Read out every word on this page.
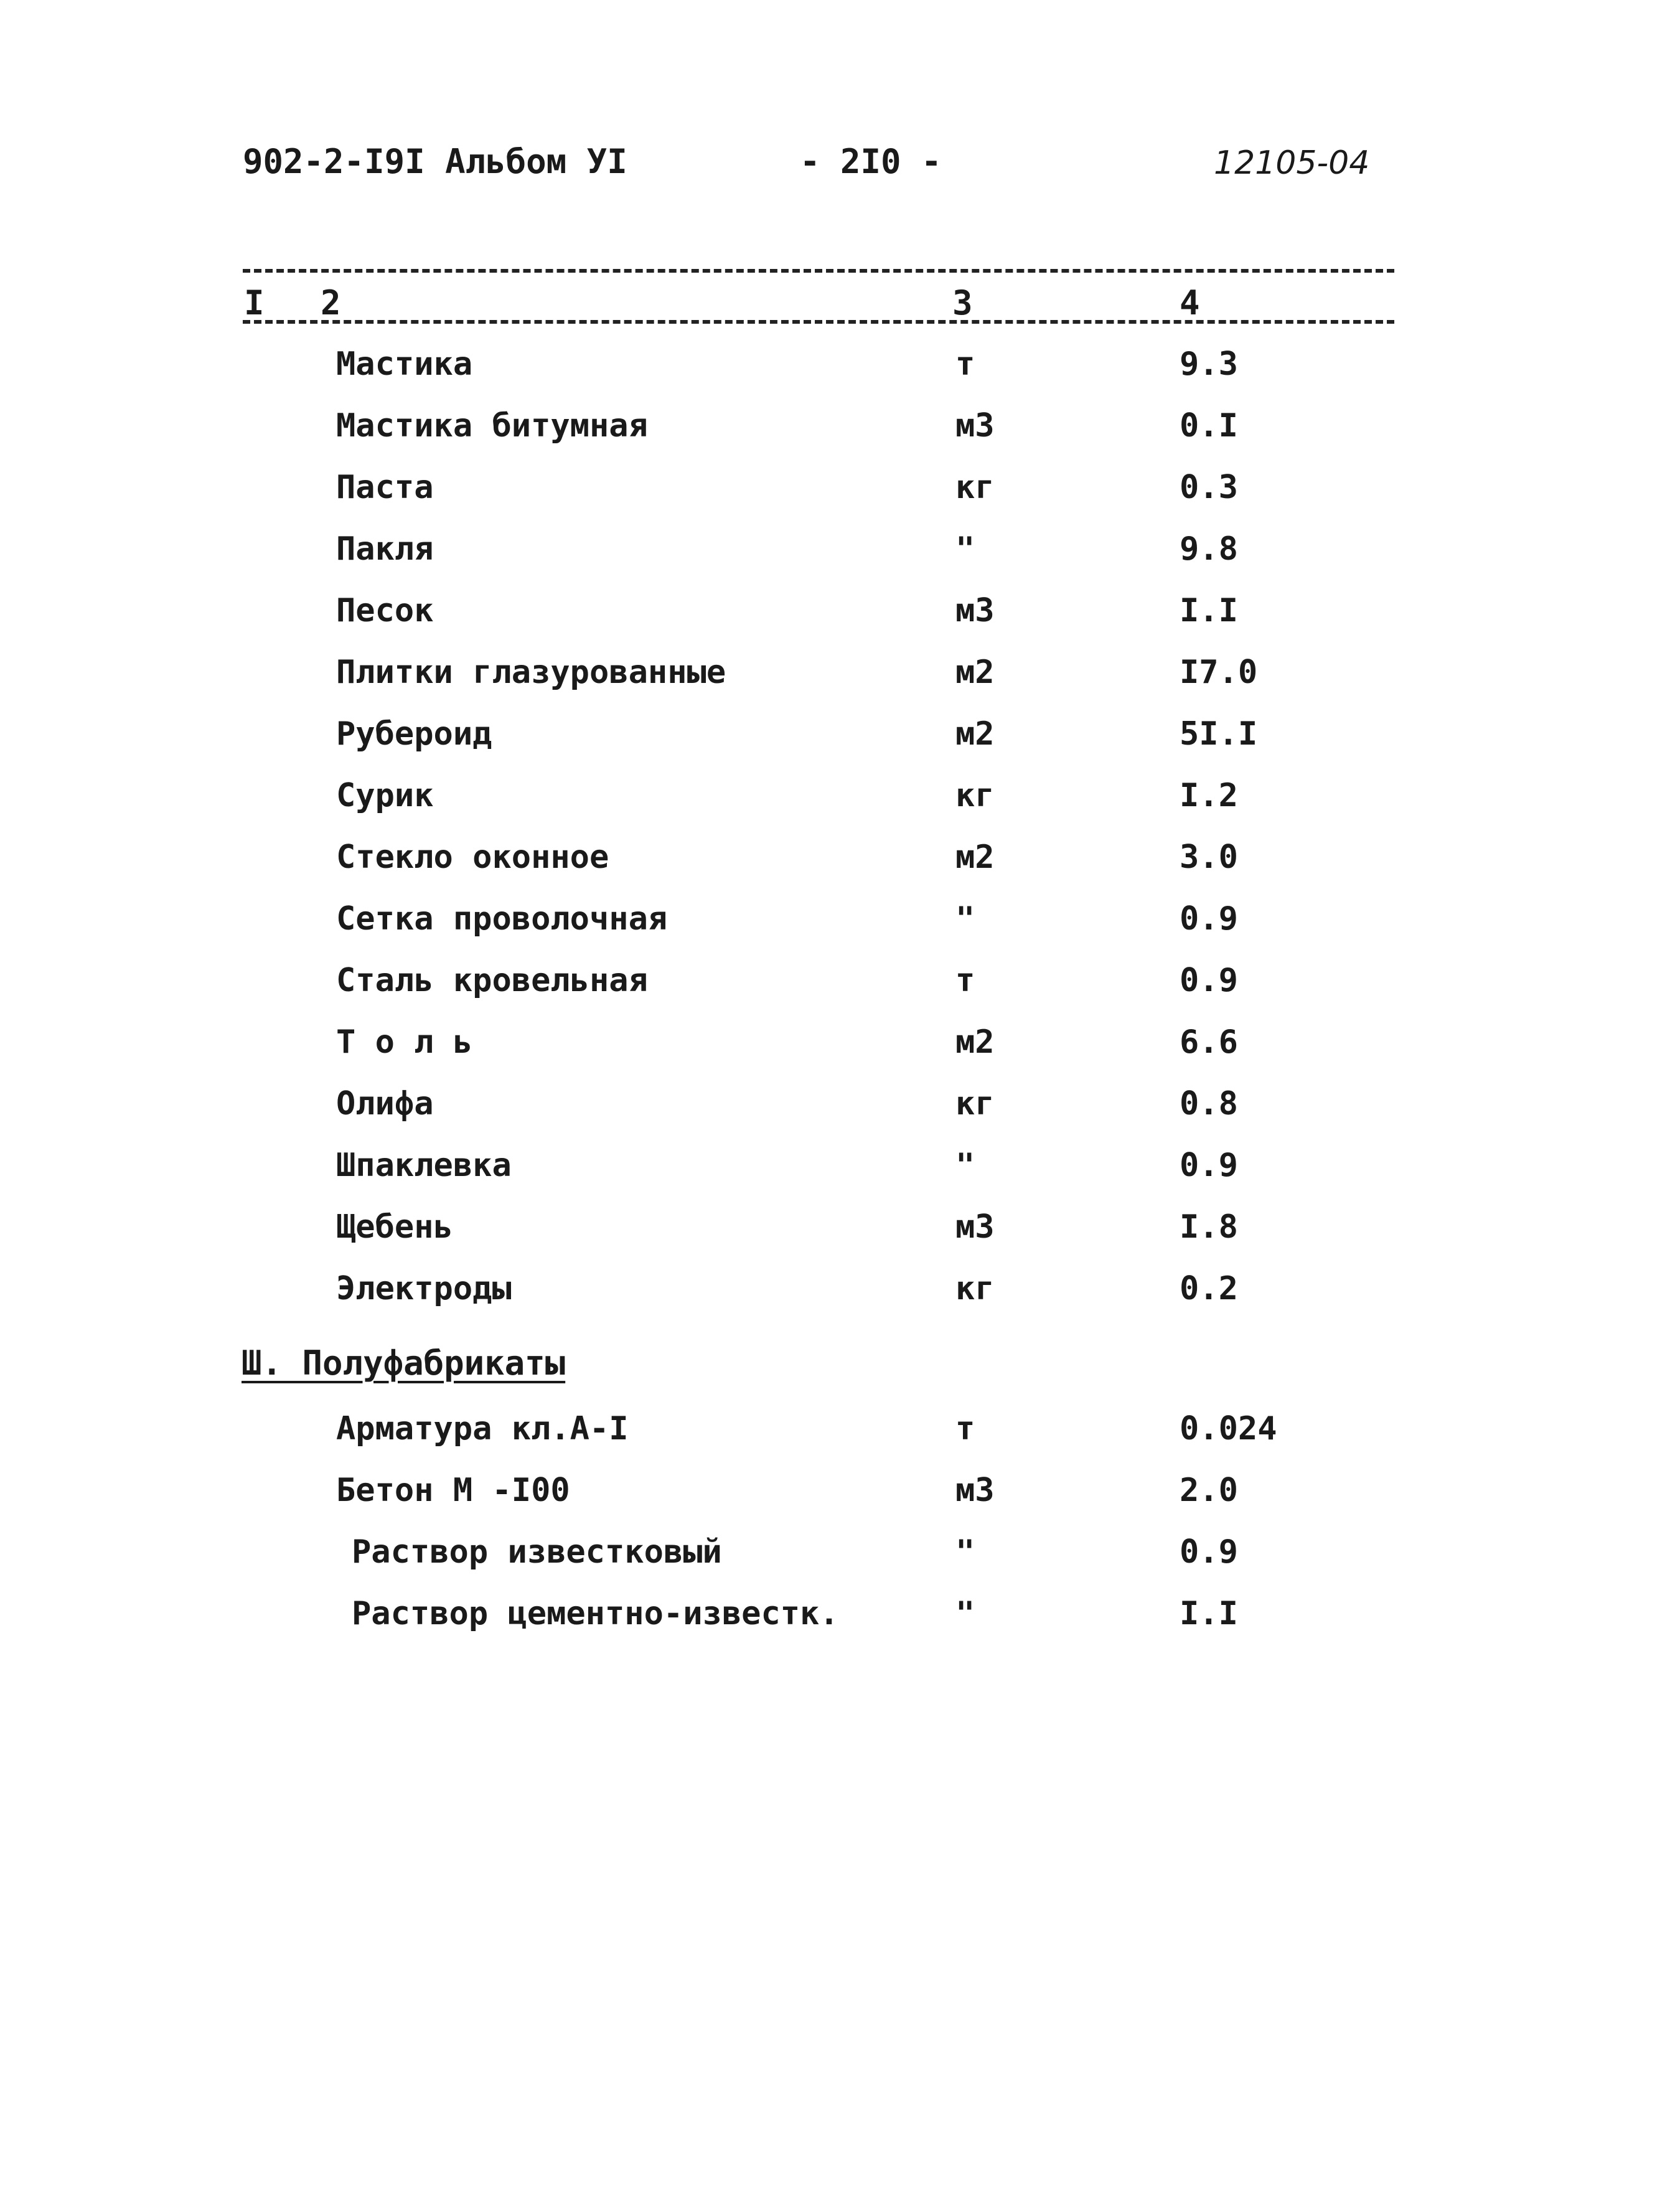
902-2-I9I Альбом УI	- 2I0 -	12105-04
I 2	3	4
Мастика	т	9.3
Мастика битумная	м3	0.I
Паста	кг	0.3
Пакля	"	9.8
Песок	м3	I.I
Плитки глазурованные	м2	I7.0
Рубероид	м2	5I.I
Сурик	кг	I.2
Стекло оконное	м2	3.0
Сетка проволочная	"	0.9
Сталь кровельная	т	0.9
Т о л ь	м2	6.6
Олифа	кг	0.8
Шпаклевка	"	0.9
Щебень	м3	I.8
Электроды	кг	0.2
Ш. Полуфабрикаты
Арматура кл.А-I	т	0.024
Бетон М -I00	м3	2.0
Раствор известковый	"	0.9
Раствор цементно-известк.	"	I.I
